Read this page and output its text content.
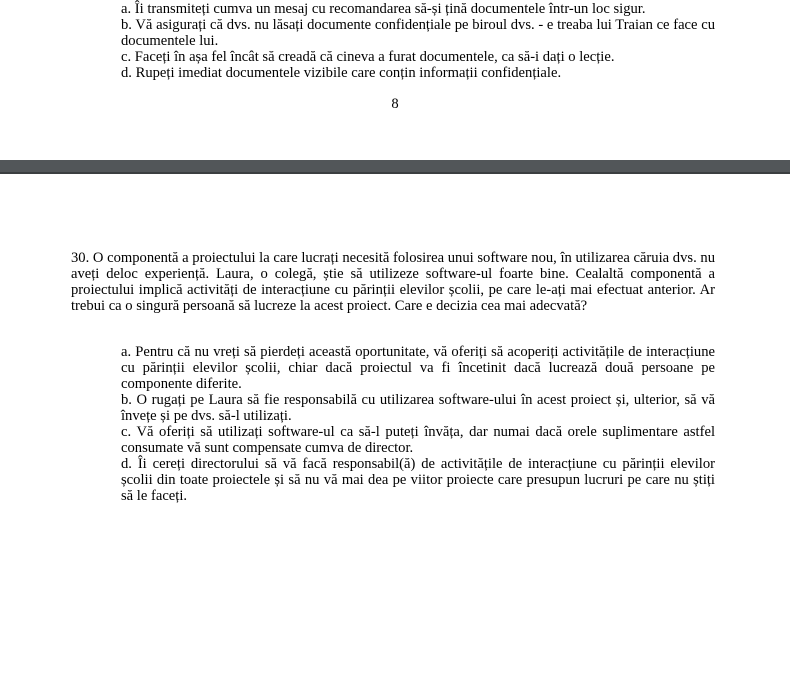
a. Îi transmiteți cumva un mesaj cu recomandarea să-și țină documentele într-un loc sigur.

b. Vă asigurați că dvs. nu lăsați documente confidențiale pe biroul dvs. - e treaba lui Traian ce face cu documentele lui.

c. Faceți în așa fel încât să creadă că cineva a furat documentele, ca să-i dați o lecție.

d. Rupeți imediat documentele vizibile care conțin informații confidențiale.

8

30. O componentă a proiectului la care lucrați necesită folosirea unui software nou, în utilizarea căruia dvs. nu aveți deloc experiență. Laura, o colegă, știe să utilizeze software-ul foarte bine. Cealaltă componentă a proiectului implică activități de interacțiune cu părinții elevilor școlii, pe care le-ați mai efectuat anterior. Ar trebui ca o singură persoană să lucreze la acest proiect. Care e decizia cea mai adecvată?

a. Pentru că nu vreți să pierdeți această oportunitate, vă oferiți să acoperiți activitățile de interacțiune cu părinții elevilor școlii, chiar dacă proiectul va fi încetinit dacă lucrează două persoane pe componente diferite.

b. O rugați pe Laura să fie responsabilă cu utilizarea software-ului în acest proiect și, ulterior, să vă învețe și pe dvs. să-l utilizați.

c. Vă oferiți să utilizați software-ul ca să-l puteți învăța, dar numai dacă orele suplimentare astfel consumate vă sunt compensate cumva de director.

d. Îi cereți directorului să vă facă responsabil(ă) de activitățile de interacțiune cu părinții elevilor școlii din toate proiectele și să nu vă mai dea pe viitor proiecte care presupun lucruri pe care nu știți să le faceți.
